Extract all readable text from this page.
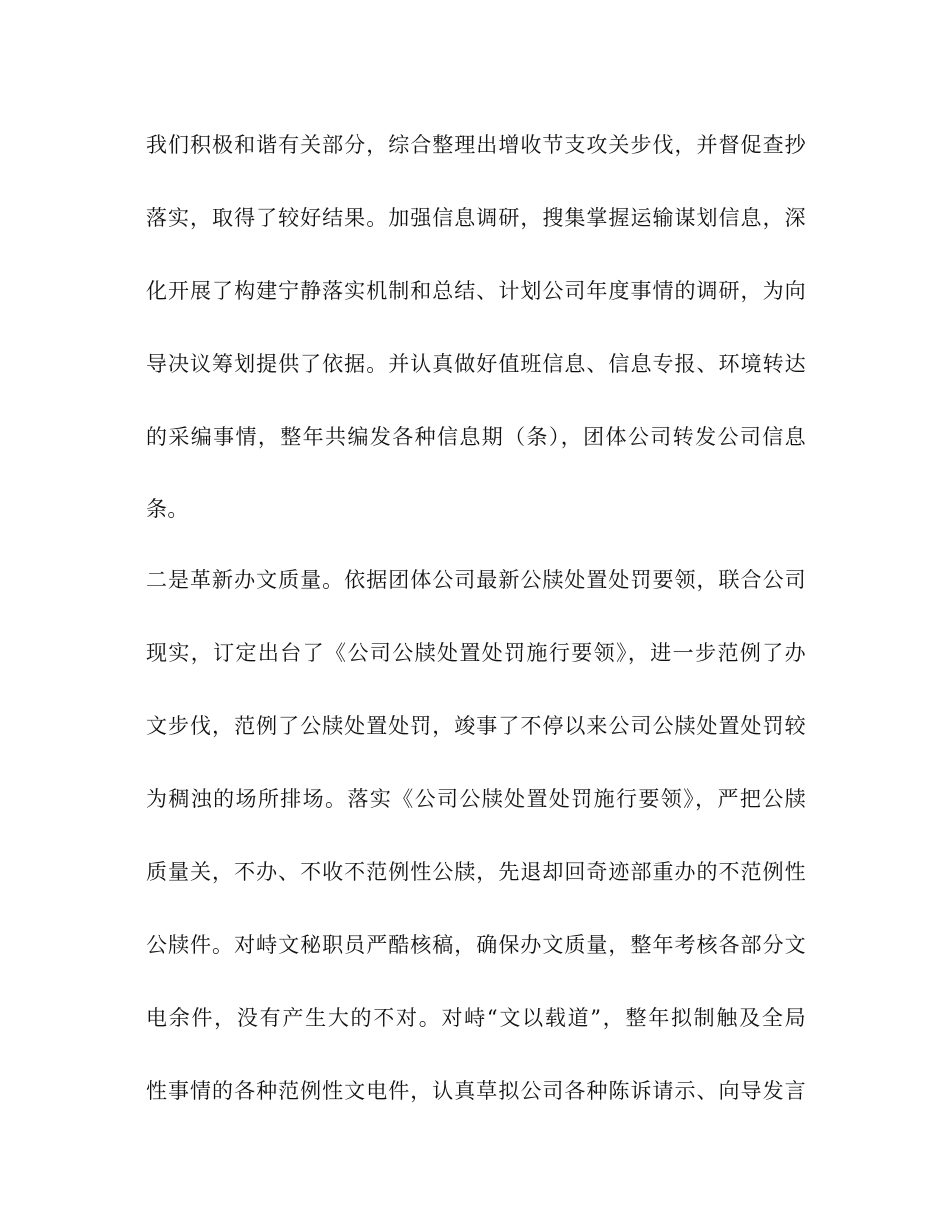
我们积极和谐有关部分，综合整理出增收节支攻关步伐，并督促查抄
落实，取得了较好结果。加强信息调研，搜集掌握运输谋划信息，深
化开展了构建宁静落实机制和总结、计划公司年度事情的调研，为向
导决议筹划提供了依据。并认真做好值班信息、信息专报、环境转达
的采编事情，整年共编发各种信息期（条），团体公司转发公司信息
条。
二是革新办文质量。依据团体公司最新公牍处置处罚要领，联合公司
现实，订定出台了《公司公牍处置处罚施行要领》，进一步范例了办
文步伐，范例了公牍处置处罚，竣事了不停以来公司公牍处置处罚较
为稠浊的场所排场。落实《公司公牍处置处罚施行要领》，严把公牍
质量关，不办、不收不范例性公牍，先退却回奇迹部重办的不范例性
公牍件。对峙文秘职员严酷核稿，确保办文质量，整年考核各部分文
电余件，没有产生大的不对。对峙“文以载道”，整年拟制触及全局
性事情的各种范例性文电件，认真草拟公司各种陈诉请示、向导发言
